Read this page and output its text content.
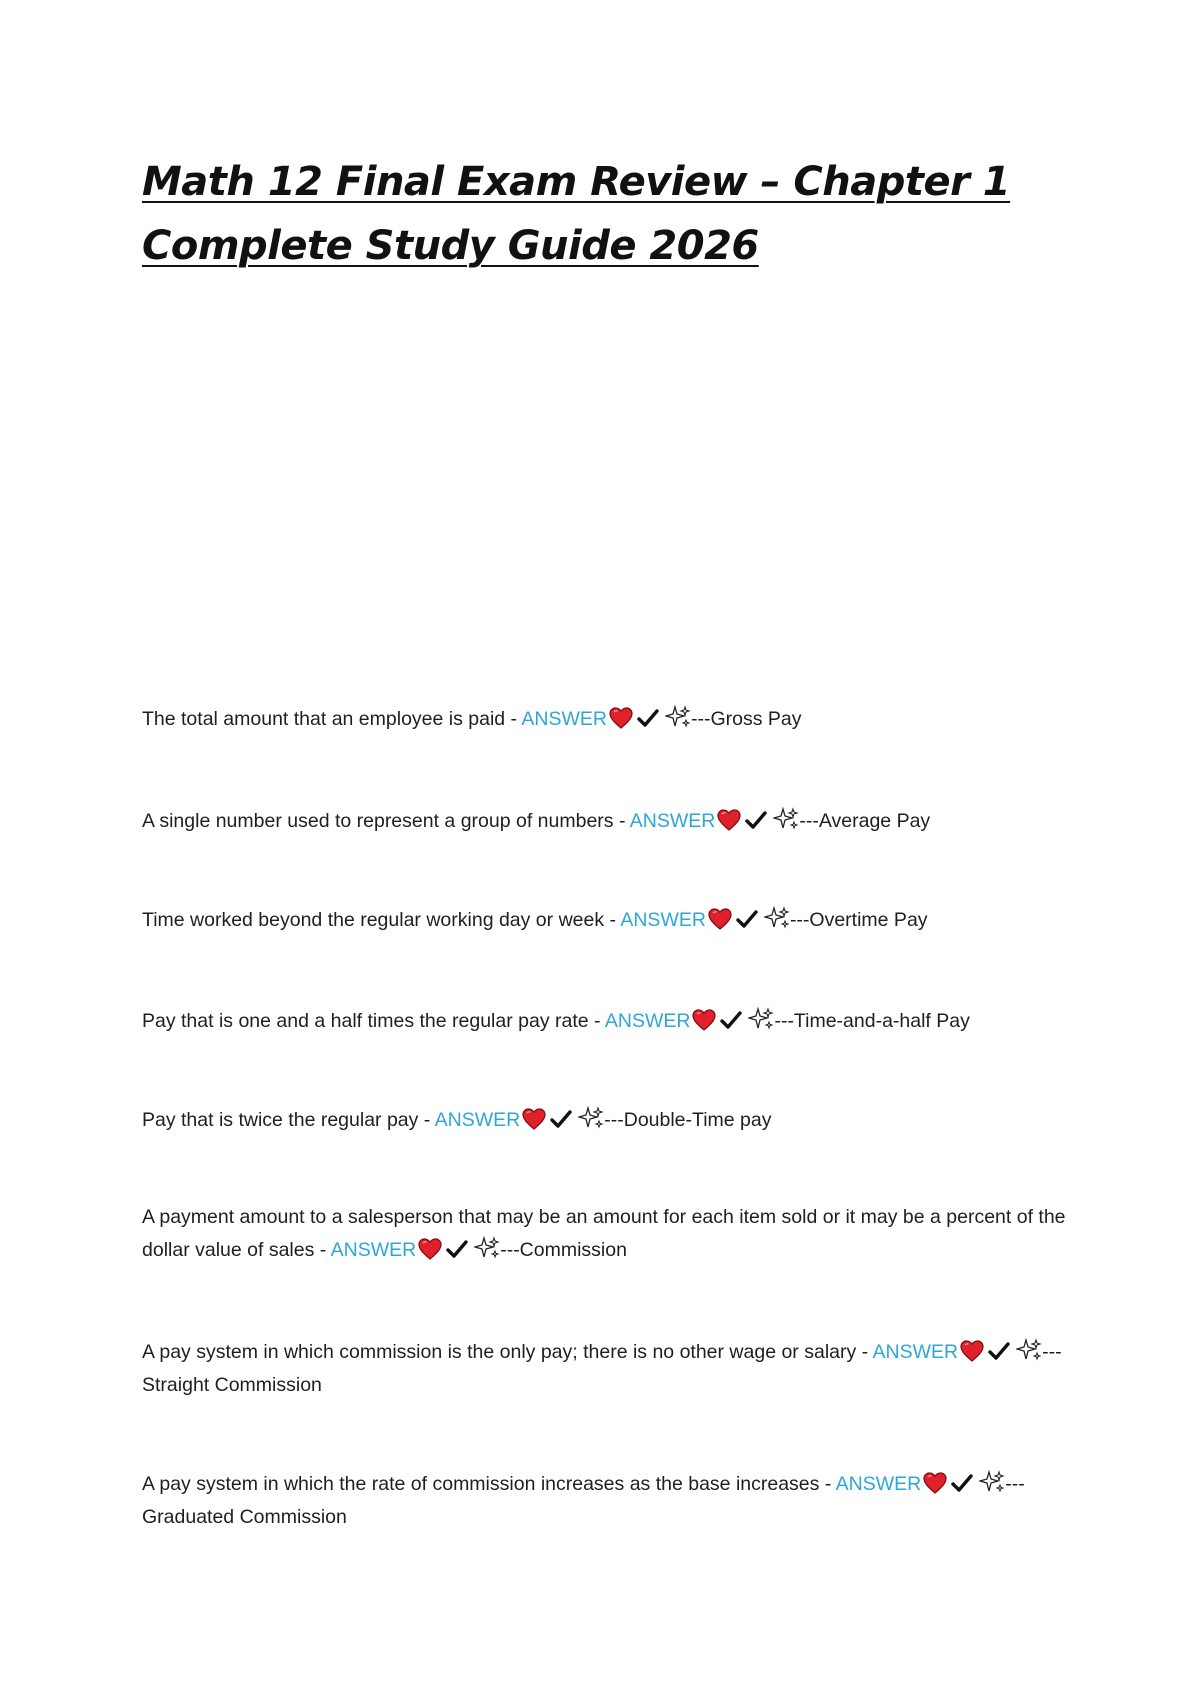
Math 12 Final Exam Review – Chapter 1 Complete Study Guide 2026

The total amount that an employee is paid - ANSWER	---Gross Pay

A single number used to represent a group of numbers - ANSWER	---Average Pay

Time worked beyond the regular working day or week - ANSWER	---Overtime Pay

Pay that is one and a half times the regular pay rate - ANSWER	---Time-and-a-half Pay

Pay that is twice the regular pay - ANSWER	---Double-Time pay

A payment amount to a salesperson that may be an amount for each item sold or it may be a percent of the dollar value of sales - ANSWER	---Commission

A pay system in which commission is the only pay; there is no other wage or salary - ANSWER	---Straight Commission

A pay system in which the rate of commission increases as the base increases - ANSWER	---Graduated Commission
